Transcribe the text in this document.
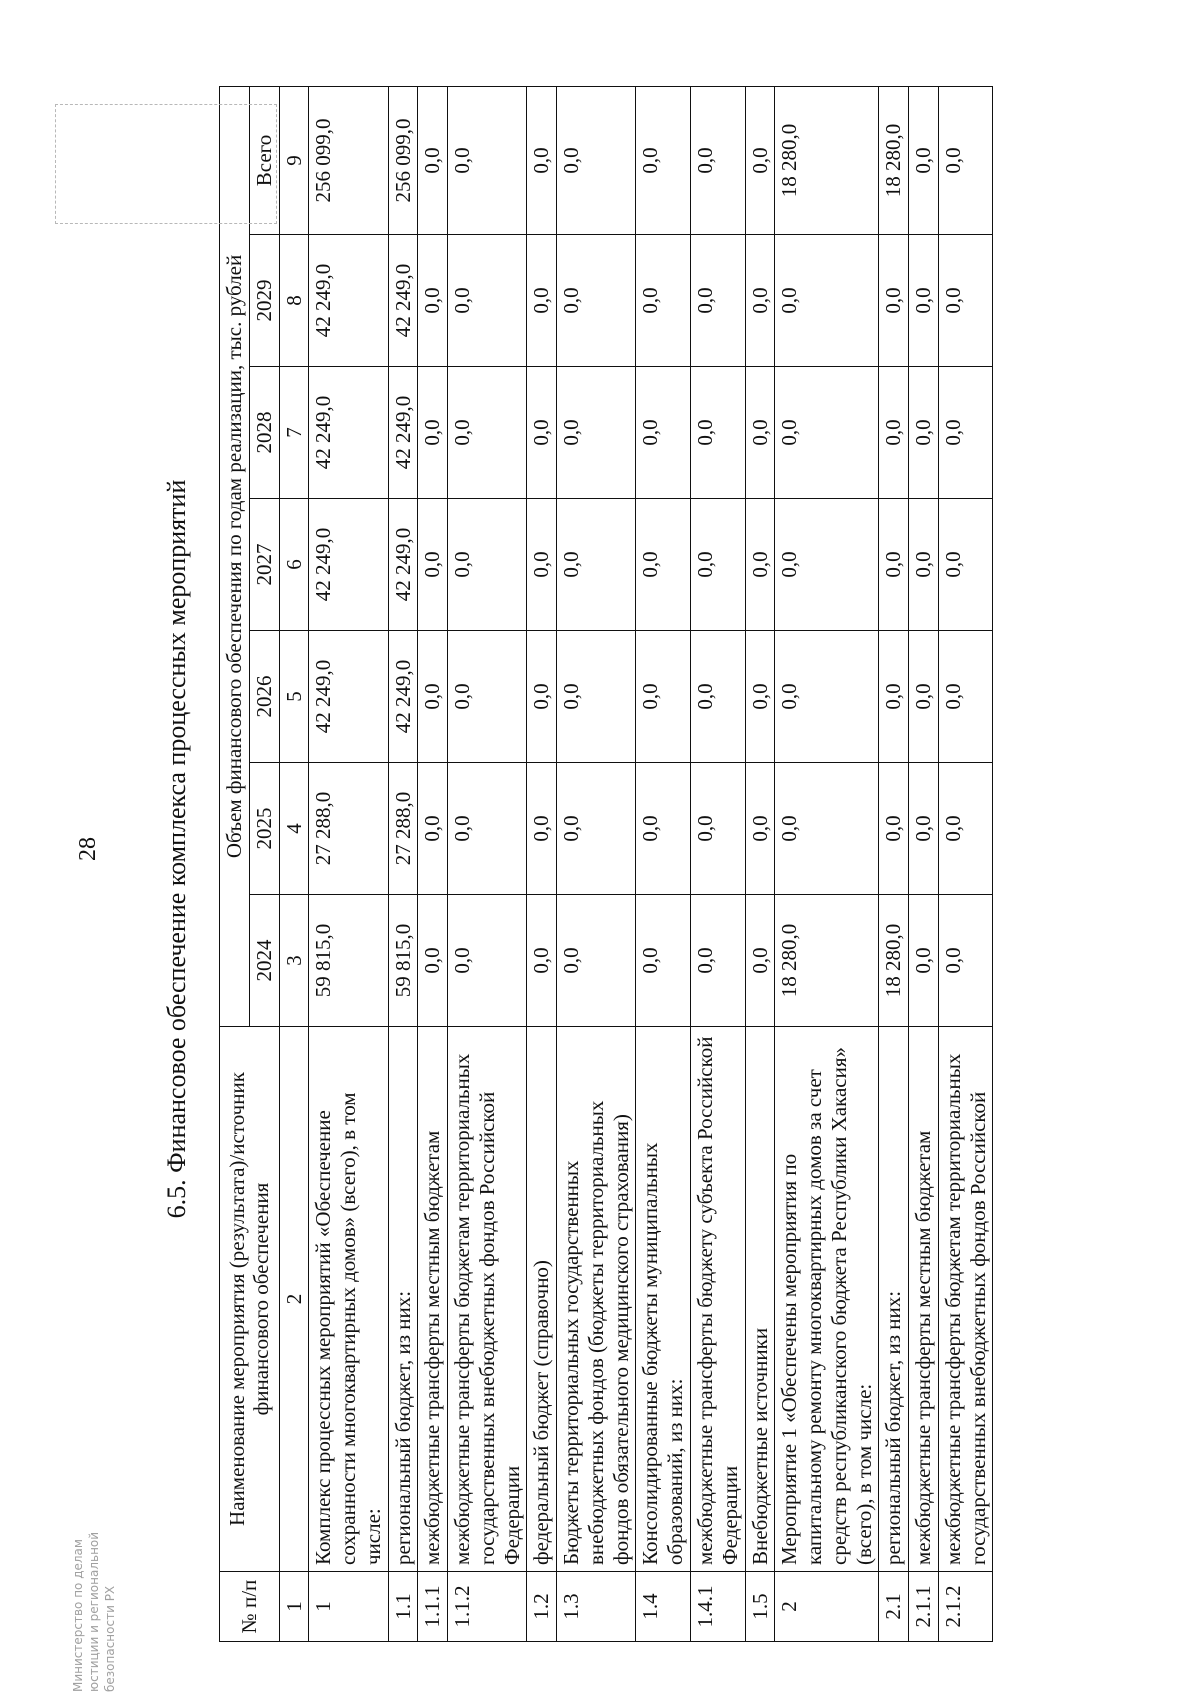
28 6.5. Финансовое обеспечение комплекса процессных мероприятий
№ п/п	Наименование мероприятия (результата)/источник финансового обеспечения	Объем финансового обеспечения по годам реализации, тыс. рублей						
		2024	2025	2026	2027	2028	2029	Всего
1	2	3	4	5	6	7	8	9
1	Комплекс процессных мероприятий «Обеспечение сохранности многоквартирных домов» (всего), в том числе:	59 815,0	27 288,0	42 249,0	42 249,0	42 249,0	42 249,0	256 099,0
1.1	региональный бюджет, из них:	59 815,0	27 288,0	42 249,0	42 249,0	42 249,0	42 249,0	256 099,0
1.1.1	межбюджетные трансферты местным бюджетам	0,0	0,0	0,0	0,0	0,0	0,0	0,0
1.1.2	межбюджетные трансферты бюджетам территориальных государственных внебюджетных фондов Российской Федерации	0,0	0,0	0,0	0,0	0,0	0,0	0,0
1.2	федеральный бюджет (справочно)	0,0	0,0	0,0	0,0	0,0	0,0	0,0
1.3	Бюджеты территориальных государственных внебюджетных фондов (бюджеты территориальных фондов обязательного медицинского страхования)	0,0	0,0	0,0	0,0	0,0	0,0	0,0
1.4	Консолидированные бюджеты муниципальных образований, из них:	0,0	0,0	0,0	0,0	0,0	0,0	0,0
1.4.1	межбюджетные трансферты бюджету субъекта Российской Федерации	0,0	0,0	0,0	0,0	0,0	0,0	0,0
1.5	Внебюджетные источники	0,0	0,0	0,0	0,0	0,0	0,0	0,0
2	Мероприятие 1 «Обеспечены мероприятия по капитальному ремонту многоквартирных домов за счет средств республиканского бюджета Республики Хакасия» (всего), в том числе:	18 280,0	0,0	0,0	0,0	0,0	0,0	18 280,0
2.1	региональный бюджет, из них:	18 280,0	0,0	0,0	0,0	0,0	0,0	18 280,0
2.1.1	межбюджетные трансферты местным бюджетам	0,0	0,0	0,0	0,0	0,0	0,0	0,0
2.1.2	межбюджетные трансферты бюджетам территориальных государственных внебюджетных фондов Российской	0,0	0,0	0,0	0,0	0,0	0,0	0,0
Министерство по делам юстиции и региональной безопасности РХ
